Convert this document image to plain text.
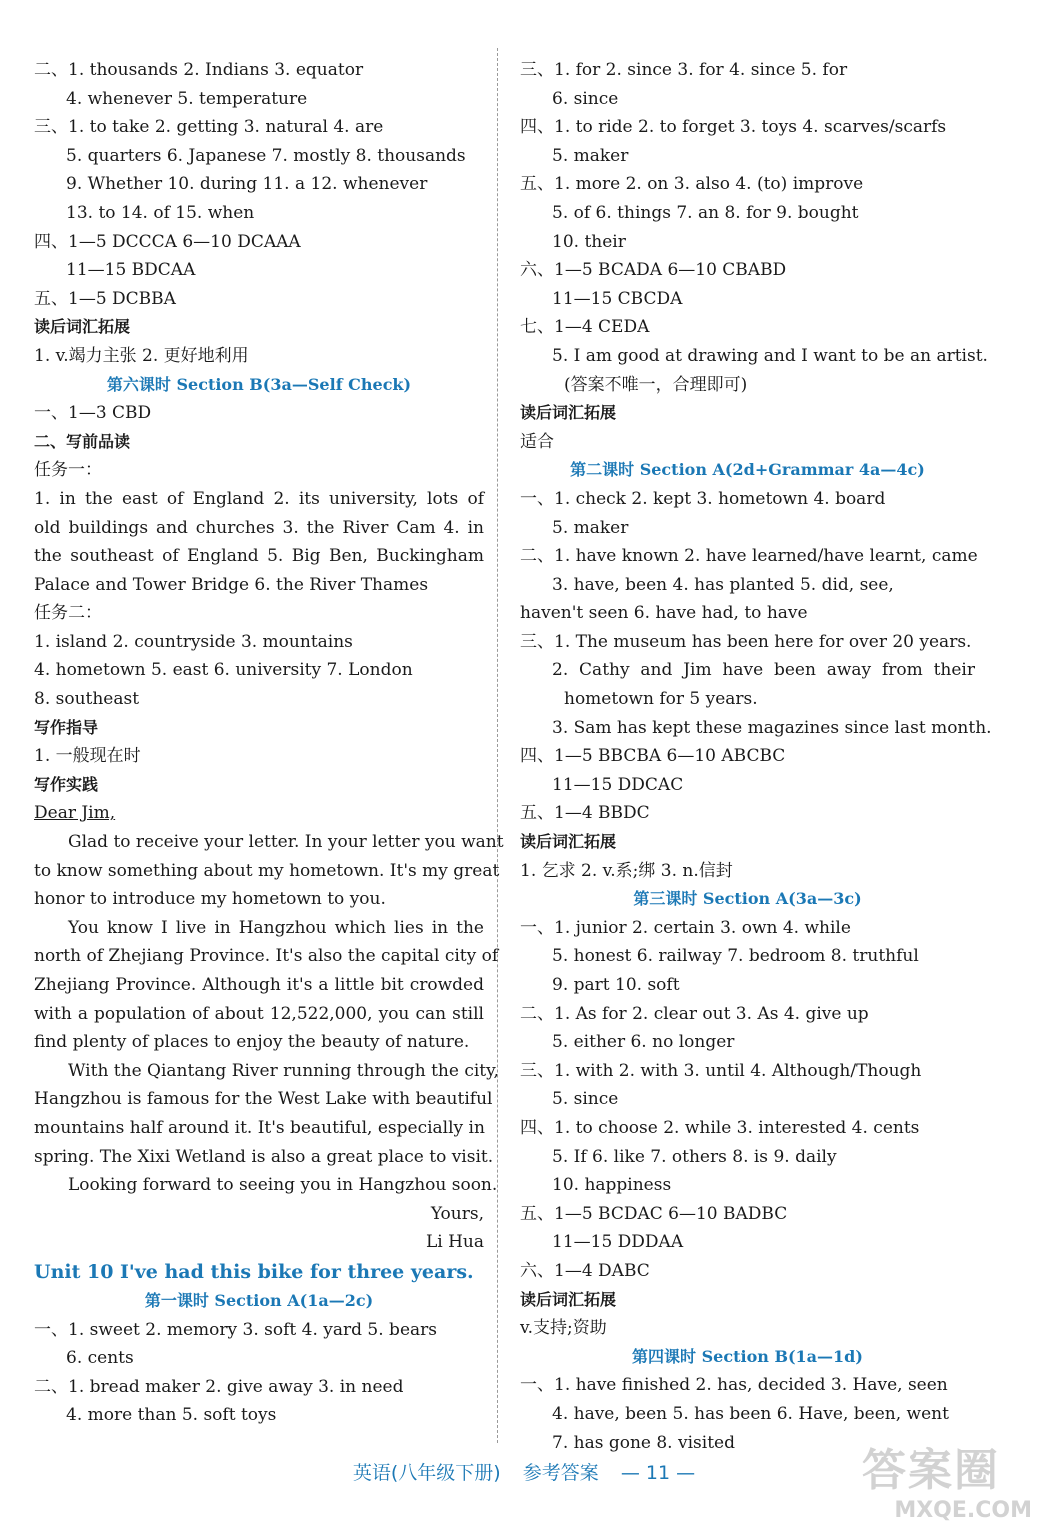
二、1. thousands 2. Indians 3. equator
4. whenever 5. temperature
三、1. to take 2. getting 3. natural 4. are
5. quarters 6. Japanese 7. mostly 8. thousands
9. Whether 10. during 11. a 12. whenever
13. to 14. of 15. when
四、1—5 DCCCA 6—10 DCAAA
11—15 BDCAA
五、1—5 DCBBA
读后词汇拓展
1. v.竭力主张 2. 更好地利用
第六课时 Section B(3a—Self Check)
一、1—3 CBD
二、写前品读
任务一：
1. in the east of England 2. its university, lots of
old buildings and churches 3. the River Cam 4. in
the southeast of England 5. Big Ben, Buckingham
Palace and Tower Bridge 6. the River Thames
任务二：
1. island 2. countryside 3. mountains
4. hometown 5. east 6. university 7. London
8. southeast
写作指导
1. 一般现在时
写作实践
Dear Jim,
Glad to receive your letter. In your letter you want
to know something about my hometown. It's my great
honor to introduce my hometown to you.
You know I live in Hangzhou which lies in the
north of Zhejiang Province. It's also the capital city of
Zhejiang Province. Although it's a little bit crowded
with a population of about 12,522,000, you can still
find plenty of places to enjoy the beauty of nature.
With the Qiantang River running through the city,
Hangzhou is famous for the West Lake with beautiful
mountains half around it. It's beautiful, especially in
spring. The Xixi Wetland is also a great place to visit.
Looking forward to seeing you in Hangzhou soon.
Yours,
Li Hua
Unit 10 I've had this bike for three years.
第一课时 Section A(1a—2c)
一、1. sweet 2. memory 3. soft 4. yard 5. bears
6. cents
二、1. bread maker 2. give away 3. in need
4. more than 5. soft toys
三、1. for 2. since 3. for 4. since 5. for
6. since
四、1. to ride 2. to forget 3. toys 4. scarves/scarfs
5. maker
五、1. more 2. on 3. also 4. (to) improve
5. of 6. things 7. an 8. for 9. bought
10. their
六、1—5 BCADA 6—10 CBABD
11—15 CBCDA
七、1—4 CEDA
5. I am good at drawing and I want to be an artist.
(答案不唯一，合理即可)
读后词汇拓展
适合
第二课时 Section A(2d+Grammar 4a—4c)
一、1. check 2. kept 3. hometown 4. board
5. maker
二、1. have known 2. have learned/have learnt, came
3. have, been 4. has planted 5. did, see,
haven't seen 6. have had, to have
三、1. The museum has been here for over 20 years.
2. Cathy and Jim have been away from their
hometown for 5 years.
3. Sam has kept these magazines since last month.
四、1—5 BBCBA 6—10 ABCBC
11—15 DDCAC
五、1—4 BBDC
读后词汇拓展
1. 乞求 2. v.系;绑 3. n.信封
第三课时 Section A(3a—3c)
一、1. junior 2. certain 3. own 4. while
5. honest 6. railway 7. bedroom 8. truthful
9. part 10. soft
二、1. As for 2. clear out 3. As 4. give up
5. either 6. no longer
三、1. with 2. with 3. until 4. Although/Though
5. since
四、1. to choose 2. while 3. interested 4. cents
5. If 6. like 7. others 8. is 9. daily
10. happiness
五、1—5 BCDAC 6—10 BADBC
11—15 DDDAA
六、1—4 DABC
读后词汇拓展
v.支持;资助
第四课时 Section B(1a—1d)
一、1. have finished 2. has, decided 3. Have, seen
4. have, been 5. has been 6. Have, been, went
7. has gone 8. visited
英语(八年级下册) 参考答案 — 11 —	答案圈
MXQE.COM
